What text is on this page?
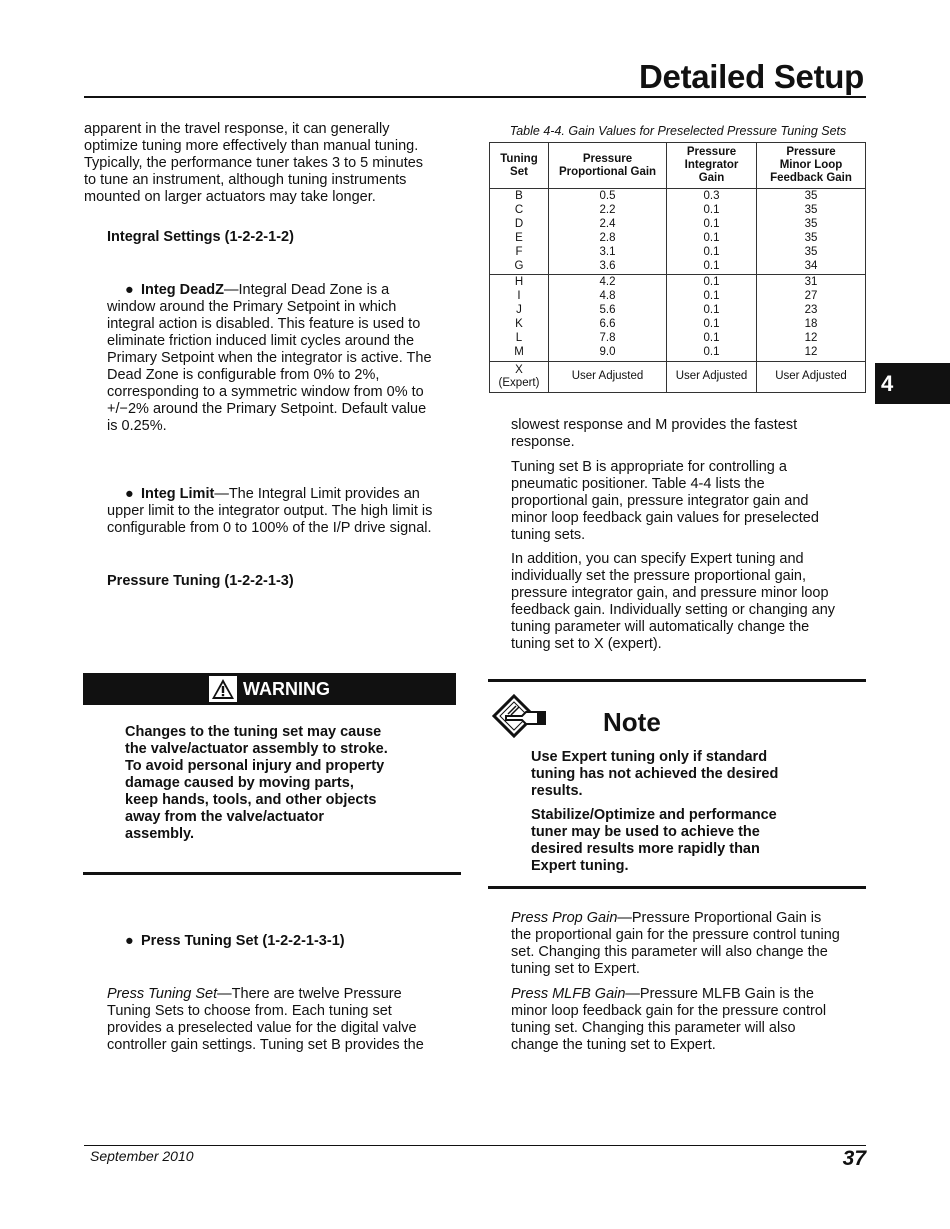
Detailed Setup
4
apparent in the travel response, it can generally
optimize tuning more effectively than manual tuning.
Typically, the performance tuner takes 3 to 5 minutes
to tune an instrument, although tuning instruments
mounted on larger actuators may take longer.
Integral Settings (1-2-2-1-2)
● Integ DeadZ—Integral Dead Zone is a
window around the Primary Setpoint in which
integral action is disabled. This feature is used to
eliminate friction induced limit cycles around the
Primary Setpoint when the integrator is active. The
Dead Zone is configurable from 0% to 2%,
corresponding to a symmetric window from 0% to
+/−2% around the Primary Setpoint. Default value
is 0.25%.
● Integ Limit—The Integral Limit provides an
upper limit to the integrator output. The high limit is
configurable from 0 to 100% of the I/P drive signal.
Pressure Tuning (1-2-2-1-3)
WARNING
Changes to the tuning set may cause
the valve/actuator assembly to stroke.
To avoid personal injury and property
damage caused by moving parts,
keep hands, tools, and other objects
away from the valve/actuator
assembly.
● Press Tuning Set (1-2-2-1-3-1)
Press Tuning Set—There are twelve Pressure
Tuning Sets to choose from. Each tuning set
provides a preselected value for the digital valve
controller gain settings. Tuning set B provides the
Table 4-4. Gain Values for Preselected Pressure Tuning Sets
Tuning
Set	Pressure
Proportional Gain	Pressure
Integrator
Gain	Pressure
Minor Loop
Feedback Gain
B	0.5	0.3	35
C	2.2	0.1	35
D	2.4	0.1	35
E	2.8	0.1	35
F	3.1	0.1	35
G	3.6	0.1	34
H	4.2	0.1	31
I	4.8	0.1	27
J	5.6	0.1	23
K	6.6	0.1	18
L	7.8	0.1	12
M	9.0	0.1	12
X
(Expert)	User Adjusted	User Adjusted	User Adjusted
slowest response and M provides the fastest
response.
Tuning set B is appropriate for controlling a
pneumatic positioner. Table 4-4 lists the
proportional gain, pressure integrator gain and
minor loop feedback gain values for preselected
tuning sets.
In addition, you can specify Expert tuning and
individually set the pressure proportional gain,
pressure integrator gain, and pressure minor loop
feedback gain. Individually setting or changing any
tuning parameter will automatically change the
tuning set to X (expert).
Note
Use Expert tuning only if standard
tuning has not achieved the desired
results.
Stabilize/Optimize and performance
tuner may be used to achieve the
desired results more rapidly than
Expert tuning.
Press Prop Gain—Pressure Proportional Gain is
the proportional gain for the pressure control tuning
set. Changing this parameter will also change the
tuning set to Expert.
Press MLFB Gain—Pressure MLFB Gain is the
minor loop feedback gain for the pressure control
tuning set. Changing this parameter will also
change the tuning set to Expert.
September 2010	37
